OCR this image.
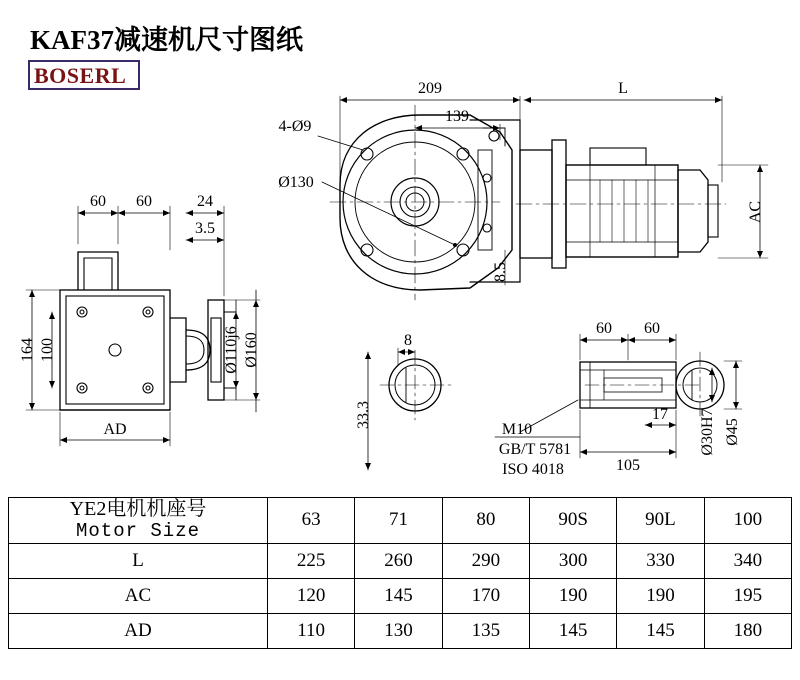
KAF37减速机尺寸图纸
BOSERL
209	L
4-Ø9
139
Ø130
AC
8.5
60 60	24
3.5
164 100	Ø110j6 Ø160
AD
8
33.3
M10
GB/T 5781
ISO 4018
60 60
17
105
Ø30H7 Ø45
YE2电机机座号
Motor Size	63	71	80	90S	90L	100
L	225	260	290	300	330	340
AC	120	145	170	190	190	195
AD	110	130	135	145	145	180
